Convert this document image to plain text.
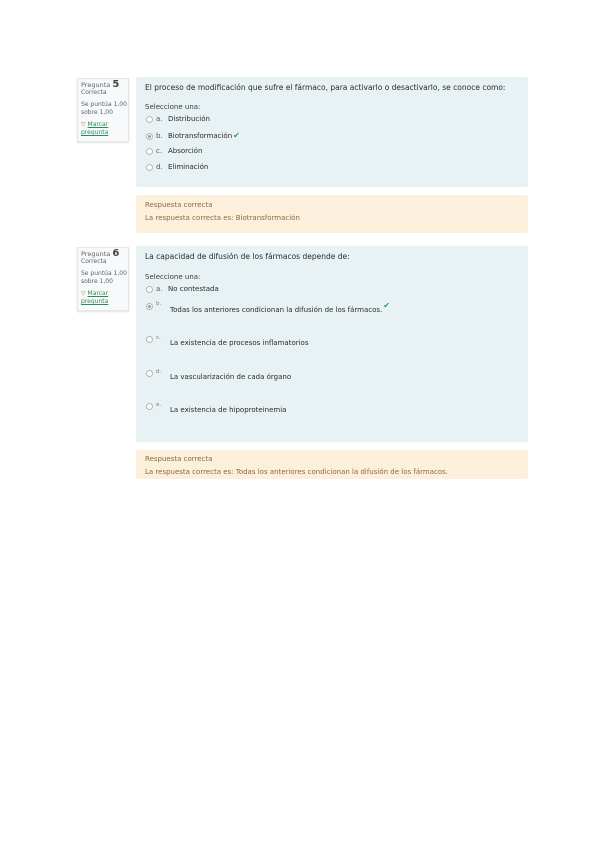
Pregunta 5
Correcta
Se puntúa 1,00 sobre 1,00
▽ Marcar pregunta
El proceso de modificación que sufre el fármaco, para activarlo o desactivarlo, se conoce como:
Seleccione una:
a. Distribución
b. Biotransformación✔
c. Absorción
d. Eliminación
Respuesta correcta
La respuesta correcta es: Biotransformación
Pregunta 6
Correcta
Se puntúa 1,00 sobre 1,00
▽ Marcar pregunta
La capacidad de difusión de los fármacos depende de:
Seleccione una:
a. No contestada
b.Todas los anteriores condicionan la difusión de los fármacos.✔
c.La existencia de procesos inflamatorios
d.La vascularización de cada órgano
e.La existencia de hipoproteinemia
Respuesta correcta
La respuesta correcta es: Todas los anteriores condicionan la difusión de los fármacos.
